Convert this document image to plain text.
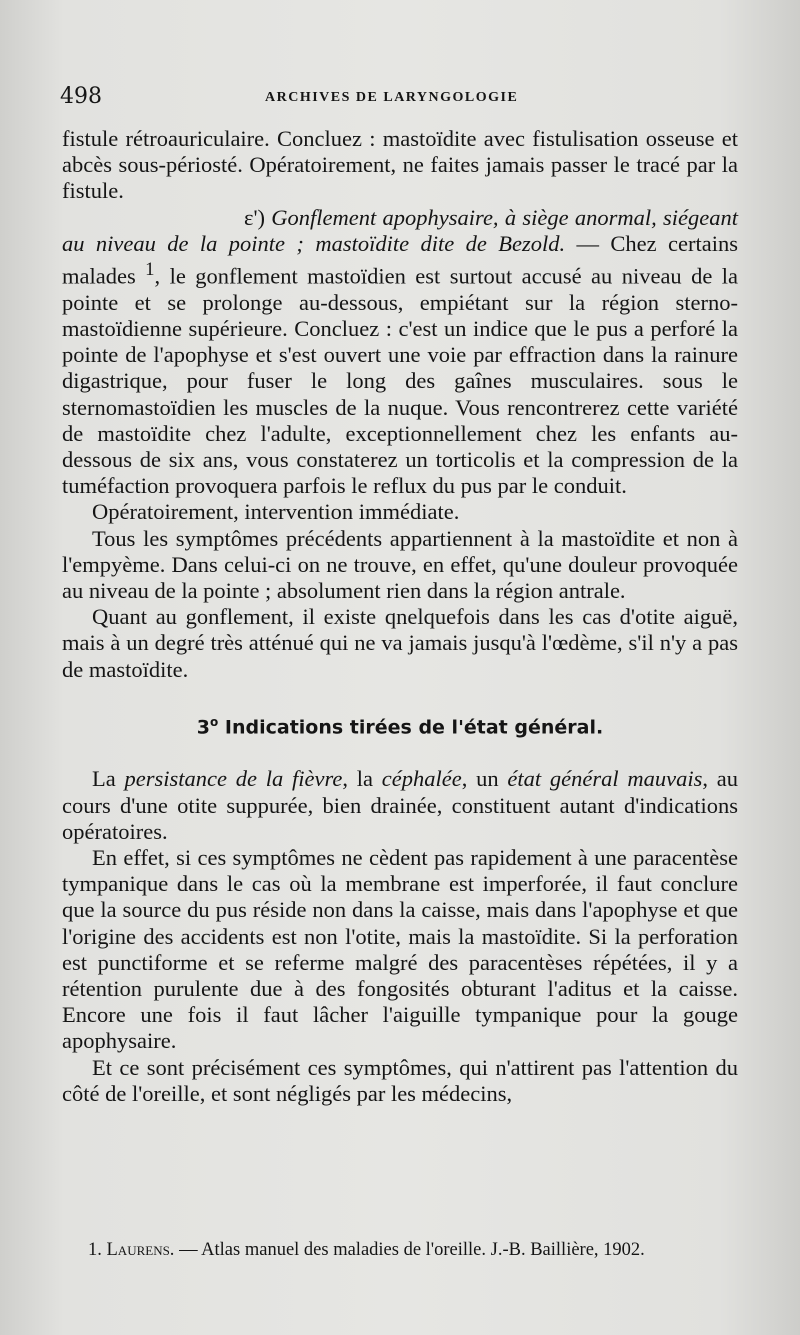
498	ARCHIVES DE LARYNGOLOGIE

fistule rétroauriculaire. Concluez : mastoïdite avec fistulisation osseuse et abcès sous-périosté. Opératoirement, ne faites jamais passer le tracé par la fistule.

ε') Gonflement apophysaire, à siège anormal, siégeant au niveau de la pointe ; mastoïdite dite de Bezold. — Chez certains malades $^1$, le gonflement mastoïdien est surtout accusé au niveau de la pointe et se prolonge au-dessous, empiétant sur la région sterno-mastoïdienne supérieure. Concluez : c'est un indice que le pus a perforé la pointe de l'apophyse et s'est ouvert une voie par effraction dans la rainure digastrique, pour fuser le long des gaînes musculaires. sous le sternomastoïdien les muscles de la nuque. Vous rencontrerez cette variété de mastoïdite chez l'adulte, exceptionnellement chez les enfants au-dessous de six ans, vous constaterez un torticolis et la compression de la tuméfaction provoquera parfois le reflux du pus par le conduit.

Opératoirement, intervention immédiate.

Tous les symptômes précédents appartiennent à la mastoïdite et non à l'empyème. Dans celui-ci on ne trouve, en effet, qu'une douleur provoquée au niveau de la pointe ; absolument rien dans la région antrale.

Quant au gonflement, il existe qnelquefois dans les cas d'otite aiguë, mais à un degré très atténué qui ne va jamais jusqu'à l'œdème, s'il n'y a pas de mastoïdite.

3$^o$ Indications tirées de l'état général.

La persistance de la fièvre, la céphalée, un état général mauvais, au cours d'une otite suppurée, bien drainée, constituent autant d'indications opératoires.

En effet, si ces symptômes ne cèdent pas rapidement à une paracentèse tympanique dans le cas où la membrane est imperforée, il faut conclure que la source du pus réside non dans la caisse, mais dans l'apophyse et que l'origine des accidents est non l'otite, mais la mastoïdite. Si la perforation est punctiforme et se referme malgré des paracentèses répétées, il y a rétention purulente due à des fongosités obturant l'aditus et la caisse. Encore une fois il faut lâcher l'aiguille tympanique pour la gouge apophysaire.

Et ce sont précisément ces symptômes, qui n'attirent pas l'attention du côté de l'oreille, et sont négligés par les médecins,

1. Laurens. — Atlas manuel des maladies de l'oreille. J.-B. Baillière, 1902.
